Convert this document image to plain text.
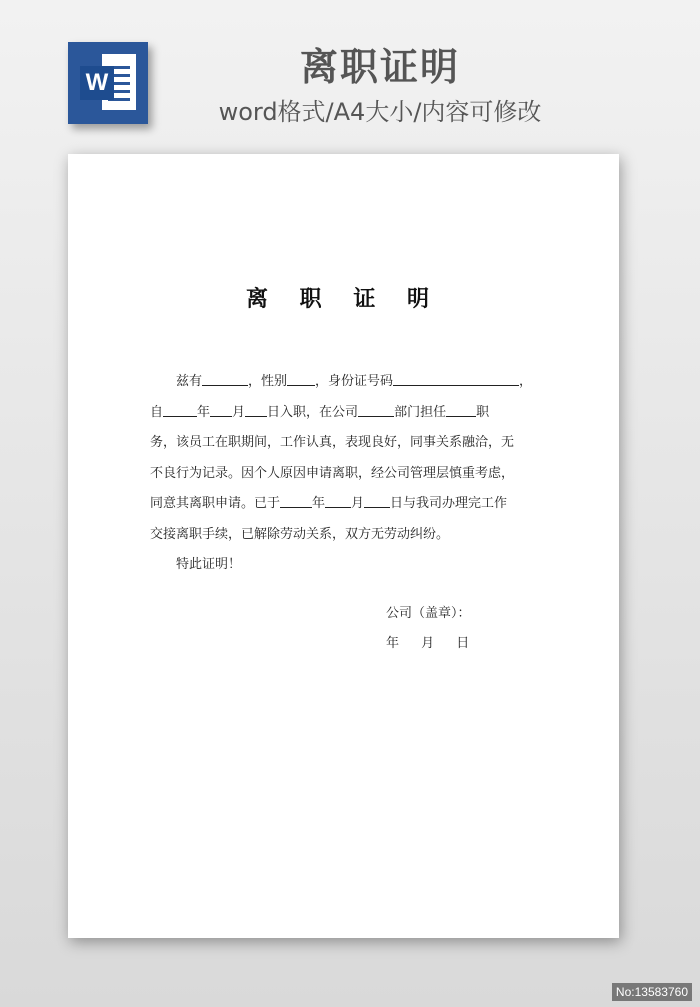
W	离职证明
word格式/A4大小/内容可修改
离 职 证 明
兹有	，性别 ，身份证号码	，
自	年 月 日入职，在公司	部门担任 职
务，该员工在职期间，工作认真，表现良好，同事关系融洽，无
不良行为记录。因个人原因申请离职，经公司管理层慎重考虑，
同意其离职申请。已于 年 月 日与我司办理完工作
交接离职手续，已解除劳动关系，双方无劳动纠纷。
特此证明！
公司（盖章）：
年 月 日
No:13583760
